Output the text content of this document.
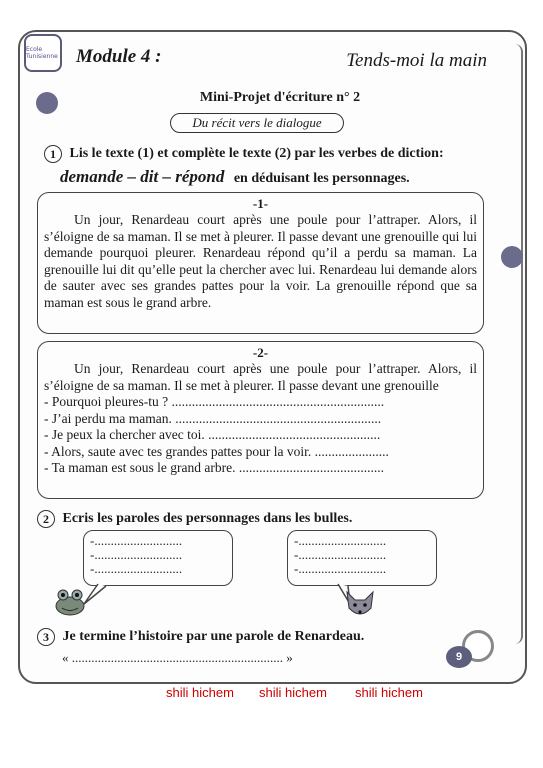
Ecole Tunisienne Module 4 :	Tends-moi la main
Mini-Projet d'écriture n° 2
Du récit vers le dialogue
1 Lis le texte (1) et complète le texte (2) par les verbes de diction:
demande – dit – répond en déduisant les personnages.
-1-

Un jour, Renardeau court après une poule pour l’attraper. Alors, il s’éloigne de sa maman. Il se met à pleurer. Il passe devant une grenouille qui lui demande pourquoi pleurer. Renardeau répond qu’il a perdu sa maman. La grenouille lui dit qu’elle peut la chercher avec lui. Renardeau lui demande alors de sauter avec ses grandes pattes pour la voir. La grenouille répond que sa maman est sous le grand arbre.

-2-

Un jour, Renardeau court après une poule pour l’attraper. Alors, il s’éloigne de sa maman. Il se met à pleurer. Il passe devant une grenouille

- Pourquoi pleures-tu ? ...............................................................
- J’ai perdu ma maman. .............................................................
- Je peux la chercher avec toi. ...................................................
- Alors, saute avec tes grandes pattes pour la voir. ......................
- Ta maman est sous le grand arbre. ...........................................
2 Ecris les paroles des personnages dans les bulles.
-...........................
-...........................
-...........................
-...........................
-...........................
-...........................
3 Je termine l’histoire par une parole de Renardeau.
« ................................................................. »	9
shili hichem shili hichem shili hichem
